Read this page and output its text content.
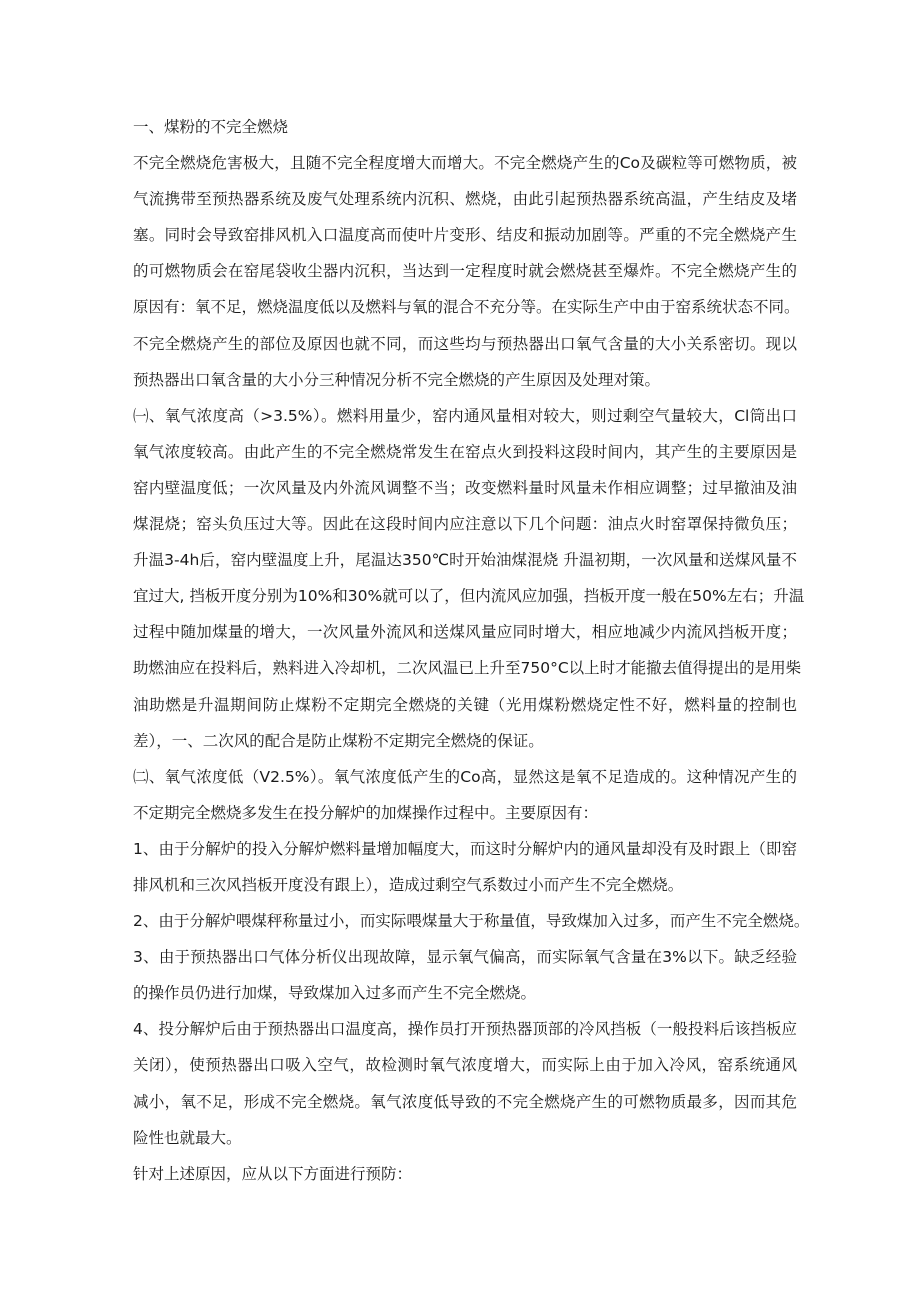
一、煤粉的不完全燃烧
不完全燃烧危害极大，且随不完全程度增大而增大。不完全燃烧产生的Co及碳粒等可燃物质，被
气流携带至预热器系统及废气处理系统内沉积、燃烧，由此引起预热器系统高温，产生结皮及堵
塞。同时会导致窑排风机入口温度高而使叶片变形、结皮和振动加剧等。严重的不完全燃烧产生
的可燃物质会在窑尾袋收尘器内沉积，当达到一定程度时就会燃烧甚至爆炸。不完全燃烧产生的
原因有：氧不足，燃烧温度低以及燃料与氧的混合不充分等。在实际生产中由于窑系统状态不同。
不完全燃烧产生的部位及原因也就不同，而这些均与预热器出口氧气含量的大小关系密切。现以
预热器出口氧含量的大小分三种情况分析不完全燃烧的产生原因及处理对策。
㈠、氧气浓度高（>3.5%）。燃料用量少，窑内通风量相对较大，则过剩空气量较大，Cl筒出口
氧气浓度较高。由此产生的不完全燃烧常发生在窑点火到投料这段时间内，其产生的主要原因是
窑内壁温度低；一次风量及内外流风调整不当；改变燃料量时风量未作相应调整；过早撤油及油
煤混烧；窑头负压过大等。因此在这段时间内应注意以下几个问题：油点火时窑罩保持微负压；
升温3-4h后，窑内壁温度上升，尾温达350℃时开始油煤混烧 升温初期，一次风量和送煤风量不
宜过大, 挡板开度分别为10%和30%就可以了，但内流风应加强，挡板开度一般在50%左右；升温
过程中随加煤量的增大，一次风量外流风和送煤风量应同时增大，相应地减少内流风挡板开度；
助燃油应在投料后，熟料进入冷却机，二次风温已上升至750°C以上时才能撤去值得提出的是用柴
油助燃是升温期间防止煤粉不定期完全燃烧的关键（光用煤粉燃烧定性不好，燃料量的控制也
差），一、二次风的配合是防止煤粉不定期完全燃烧的保证。
㈡、氧气浓度低（V2.5%）。氧气浓度低产生的Co高，显然这是氧不足造成的。这种情况产生的
不定期完全燃烧多发生在投分解炉的加煤操作过程中。主要原因有：
1、由于分解炉的投入分解炉燃料量增加幅度大，而这时分解炉内的通风量却没有及时跟上（即窑
排风机和三次风挡板开度没有跟上），造成过剩空气系数过小而产生不完全燃烧。
2、由于分解炉喂煤秤称量过小，而实际喂煤量大于称量值，导致煤加入过多，而产生不完全燃烧。
3、由于预热器出口气体分析仪出现故障，显示氧气偏高，而实际氧气含量在3%以下。缺乏经验
的操作员仍进行加煤，导致煤加入过多而产生不完全燃烧。
4、投分解炉后由于预热器出口温度高，操作员打开预热器顶部的冷风挡板（一般投料后该挡板应
关闭），使预热器出口吸入空气，故检测时氧气浓度增大，而实际上由于加入冷风，窑系统通风
减小，氧不足，形成不完全燃烧。氧气浓度低导致的不完全燃烧产生的可燃物质最多，因而其危
险性也就最大。
针对上述原因，应从以下方面进行预防：
